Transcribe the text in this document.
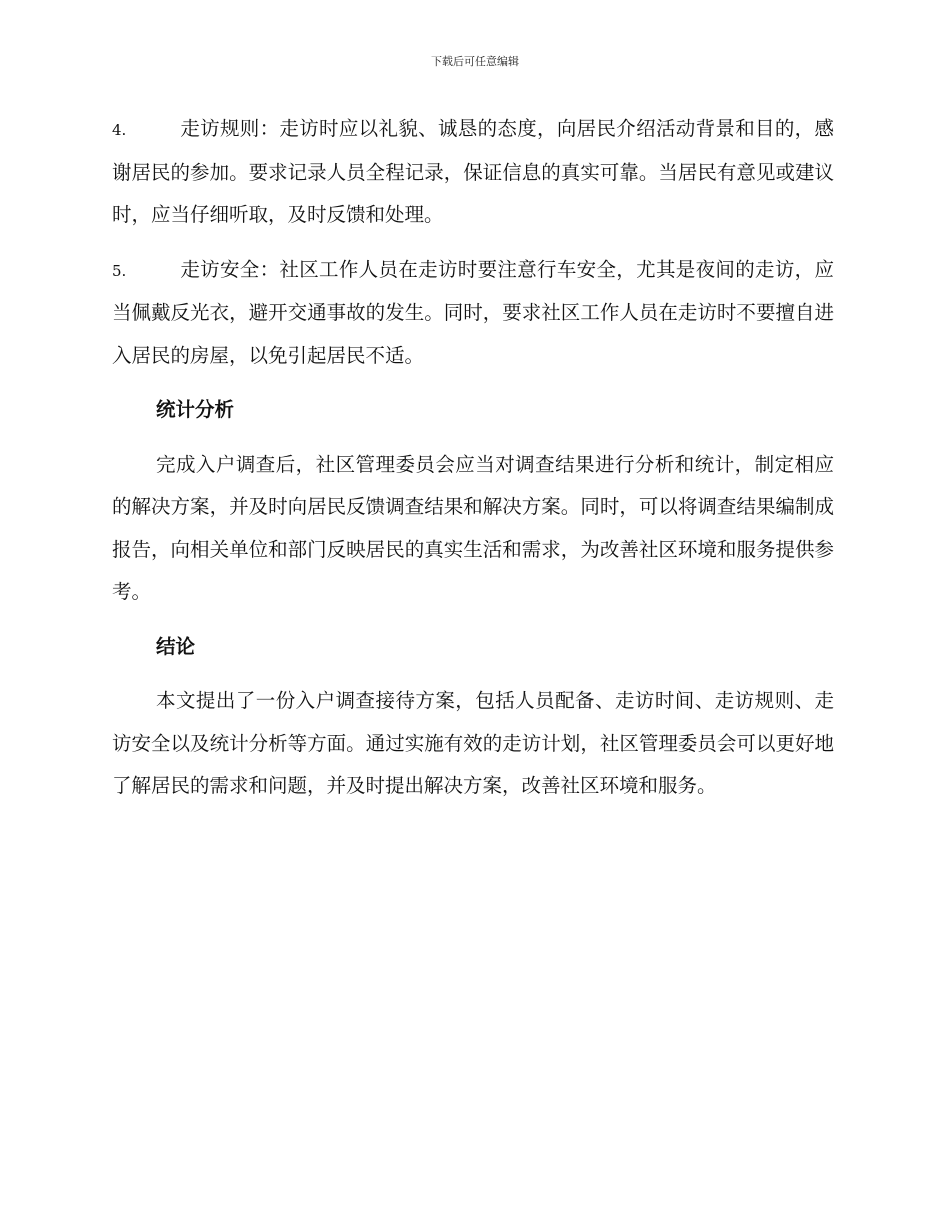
下载后可任意编辑

4.	走访规则：走访时应以礼貌、诚恳的态度，向居民介绍活动背景和目的，感谢居民的参加。要求记录人员全程记录，保证信息的真实可靠。当居民有意见或建议时，应当仔细听取，及时反馈和处理。

5.	走访安全：社区工作人员在走访时要注意行车安全，尤其是夜间的走访，应当佩戴反光衣，避开交通事故的发生。同时，要求社区工作人员在走访时不要擅自进入居民的房屋，以免引起居民不适。

统计分析

完成入户调查后，社区管理委员会应当对调查结果进行分析和统计，制定相应的解决方案，并及时向居民反馈调查结果和解决方案。同时，可以将调查结果编制成报告，向相关单位和部门反映居民的真实生活和需求，为改善社区环境和服务提供参考。

结论

本文提出了一份入户调查接待方案，包括人员配备、走访时间、走访规则、走访安全以及统计分析等方面。通过实施有效的走访计划，社区管理委员会可以更好地了解居民的需求和问题，并及时提出解决方案，改善社区环境和服务。
